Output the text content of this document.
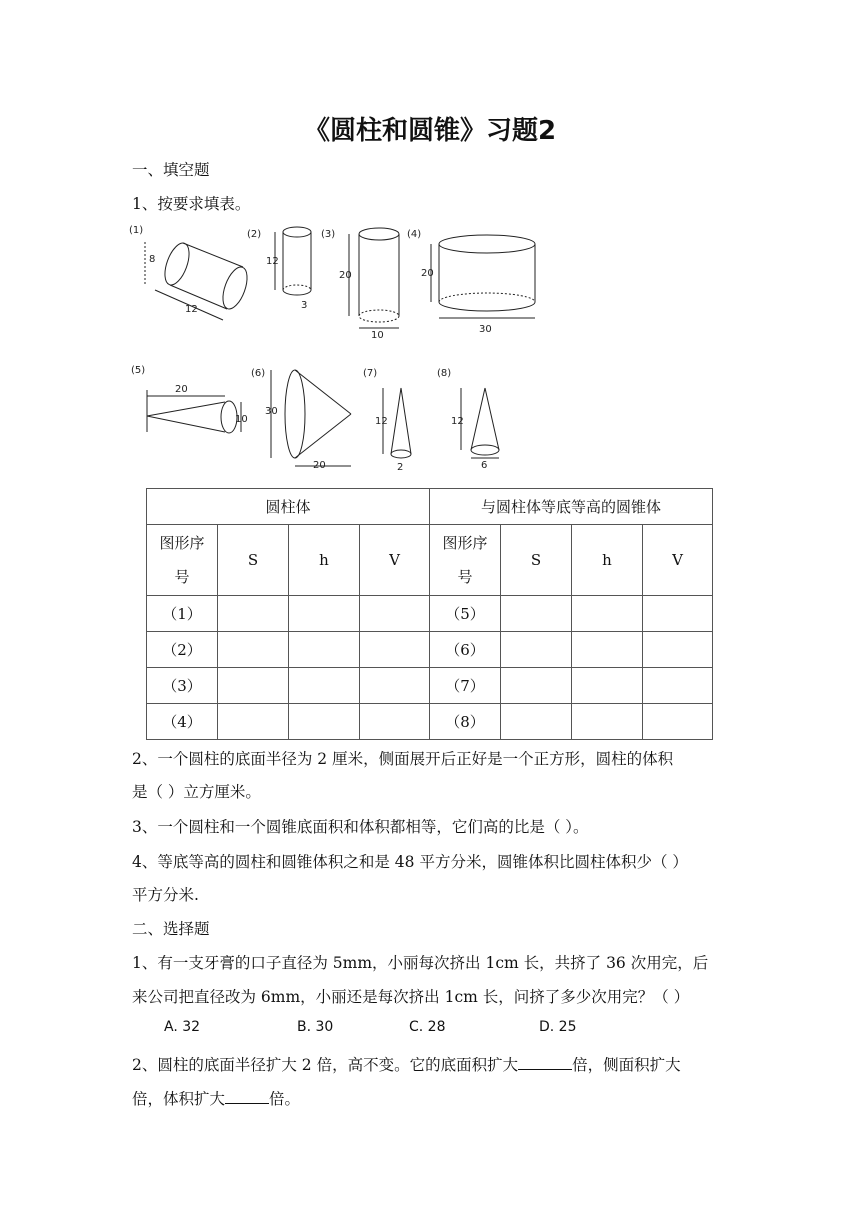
《圆柱和圆锥》习题2
一、填空题
1、按要求填表。
(1)
8
12
(2)
12
3
(3)
20
10
(4)
20
30
(5)
20
10
(6)
30
20
(7)
12
2
(8)
12
6
圆柱体				与圆柱体等底等高的圆锥体			
图形序
号	S	h	V	图形序
号	S	h	V
（1）				（5）			
（2）				（6）			
（3）				（7）			
（4）				（8）			
2、一个圆柱的底面半径为 2 厘米，侧面展开后正好是一个正方形，圆柱的体积
是（ ）立方厘米。
3、一个圆柱和一个圆锥底面积和体积都相等，它们高的比是（ ）。
4、等底等高的圆柱和圆锥体积之和是 48 平方分米，圆锥体积比圆柱体积少（ ）
平方分米.
二、选择题
1、有一支牙膏的口子直径为 5mm，小丽每次挤出 1cm 长，共挤了 36 次用完，后
来公司把直径改为 6mm，小丽还是每次挤出 1cm 长，问挤了多少次用完？（ ）
A. 32	B. 30	C. 28	D. 25
2、圆柱的底面半径扩大 2 倍，高不变。它的底面积扩大	倍，侧面积扩大
倍，体积扩大	倍。
